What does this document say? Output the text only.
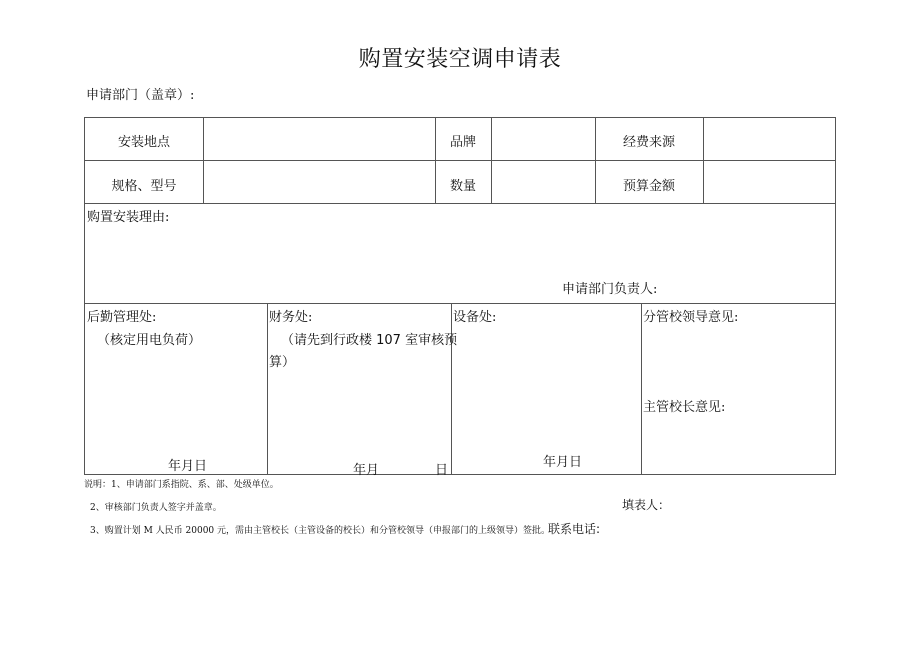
购置安装空调申请表
申请部门（盖章）:
安装地点	品牌	经费来源
规格、型号	数量	预算金额
购置安装理由:
申请部门负责人:
后勤管理处:
（核定用电负荷）
年月日
财务处:
（请先到行政楼 107 室审核预
算）
年月	日
设备处:
年月日
分管校领导意见:
主管校长意见:
说明：1、申请部门系指院、系、部、处级单位。
2、审核部门负责人签字并盖章。	填表人：
3、购置计划 M 人民币 20000 元，需由主管校长（主管设备的校长）和分管校领导（申报部门的上级领导）签批。
联系电话:
